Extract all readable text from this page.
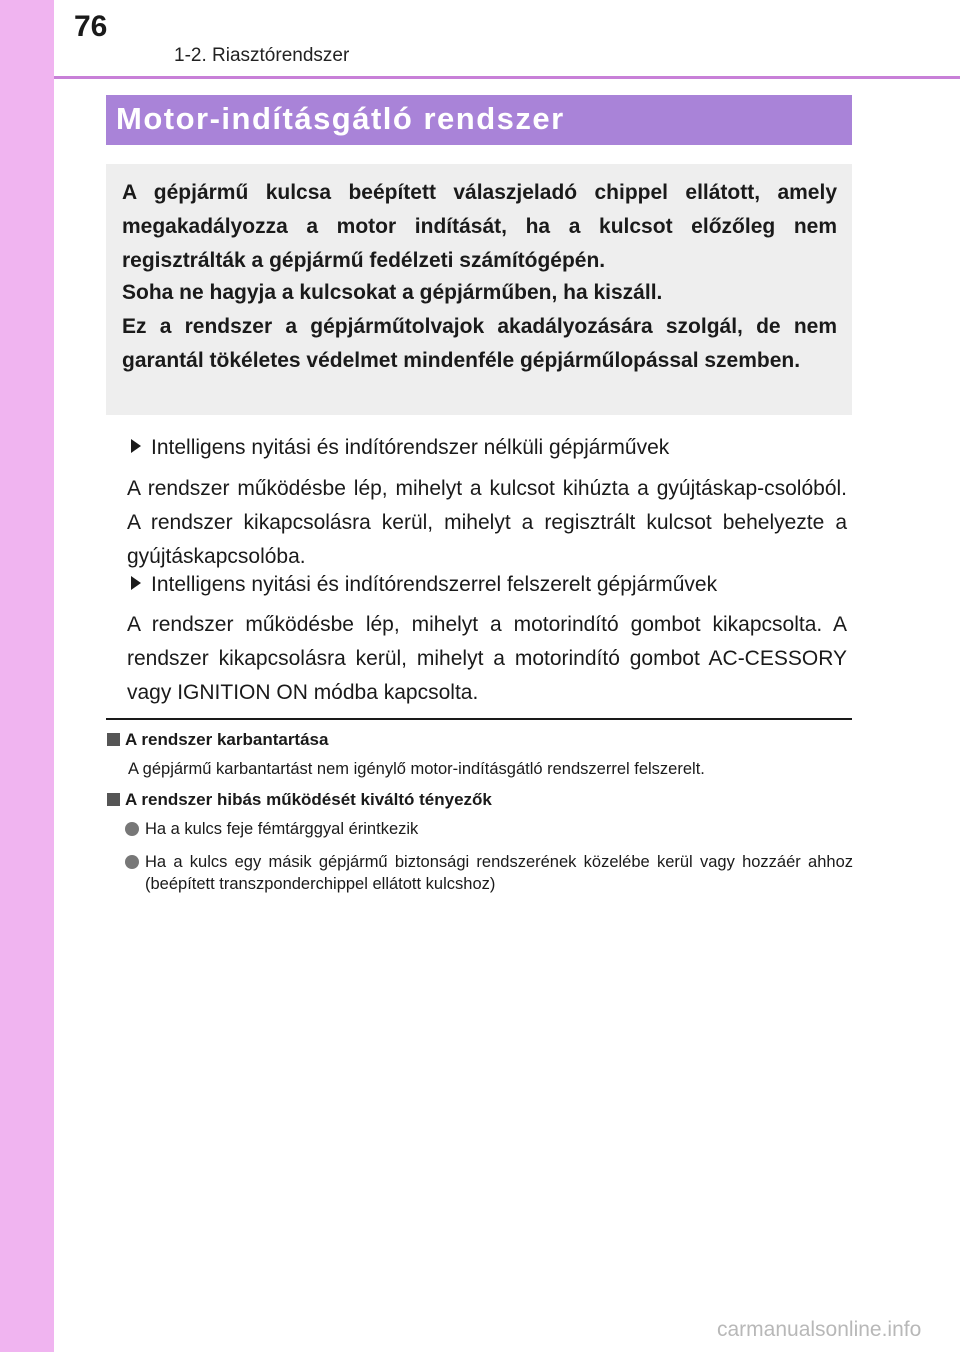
76
1-2. Riasztórendszer
Motor-indításgátló rendszer

A gépjármű kulcsa beépített válaszjeladó chippel ellátott, amely megakadályozza a motor indítását, ha a kulcsot előzőleg nem regisztrálták a gépjármű fedélzeti számítógépén.

Soha ne hagyja a kulcsokat a gépjárműben, ha kiszáll.

Ez a rendszer a gépjárműtolvajok akadályozására szolgál, de nem garantál tökéletes védelmet mindenféle gépjárműlopással szemben.

Intelligens nyitási és indítórendszer nélküli gépjárművek

A rendszer működésbe lép, mihelyt a kulcsot kihúzta a gyújtáskap-csolóból. A rendszer kikapcsolásra kerül, mihelyt a regisztrált kulcsot behelyezte a gyújtáskapcsolóba.

Intelligens nyitási és indítórendszerrel felszerelt gépjárművek

A rendszer működésbe lép, mihelyt a motorindító gombot kikapcsolta. A rendszer kikapcsolásra kerül, mihelyt a motorindító gombot AC-CESSORY vagy IGNITION ON módba kapcsolta.

A rendszer karbantartása

A gépjármű karbantartást nem igénylő motor-indításgátló rendszerrel felszerelt.

A rendszer hibás működését kiváltó tényezők

Ha a kulcs feje fémtárggyal érintkezik
Ha a kulcs egy másik gépjármű biztonsági rendszerének közelébe kerül vagy hozzáér ahhoz (beépített transzponderchippel ellátott kulcshoz)
carmanualsonline.info
